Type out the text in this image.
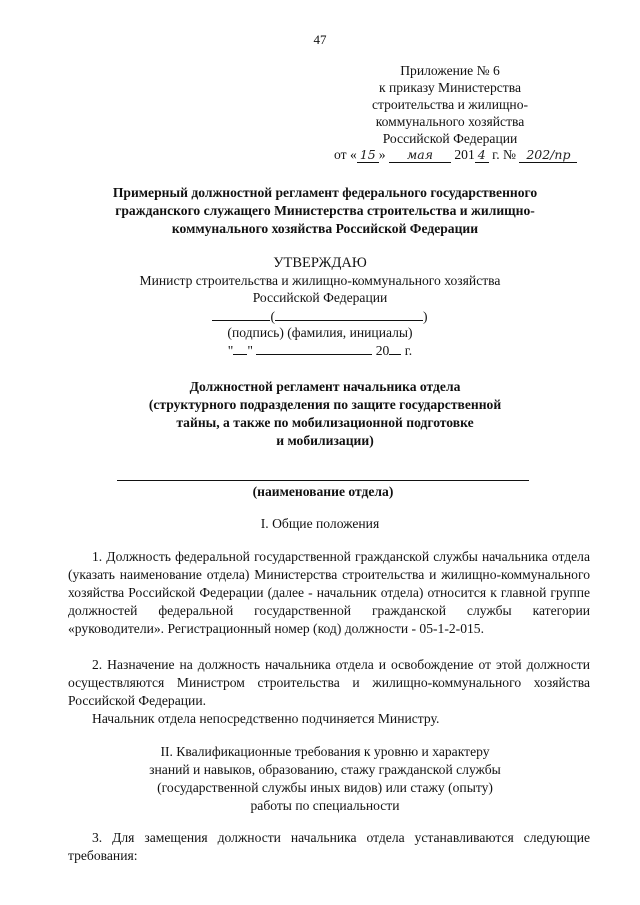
47
Приложение № 6
к приказу Министерства
строительства и жилищно-
коммунального хозяйства
Российской Федерации
от « 15 » мая 201 4 г. № 202/пр
Примерный должностной регламент федерального государственного
гражданского служащего Министерства строительства и жилищно-
коммунального хозяйства Российской Федерации
УТВЕРЖДАЮ
Министр строительства и жилищно-коммунального хозяйства
Российской Федерации
(	)
(подпись) (фамилия, инициалы)
" "	20 г.
Должностной регламент начальника отдела
(структурного подразделения по защите государственной
тайны, а также по мобилизационной подготовке
и мобилизации)
(наименование отдела)
I. Общие положения
1. Должность федеральной государственной гражданской службы начальника отдела (указать наименование отдела) Министерства строительства и жилищно-коммунального хозяйства Российской Федерации (далее - начальник отдела) относится к главной группе должностей федеральной государственной гражданской службы категории «руководители». Регистрационный номер (код) должности - 05-1-2-015.
2. Назначение на должность начальника отдела и освобождение от этой должности осуществляются Министром строительства и жилищно-коммунального хозяйства Российской Федерации.
Начальник отдела непосредственно подчиняется Министру.
II. Квалификационные требования к уровню и характеру
знаний и навыков, образованию, стажу гражданской службы
(государственной службы иных видов) или стажу (опыту)
работы по специальности
3. Для замещения должности начальника отдела устанавливаются следующие требования:
